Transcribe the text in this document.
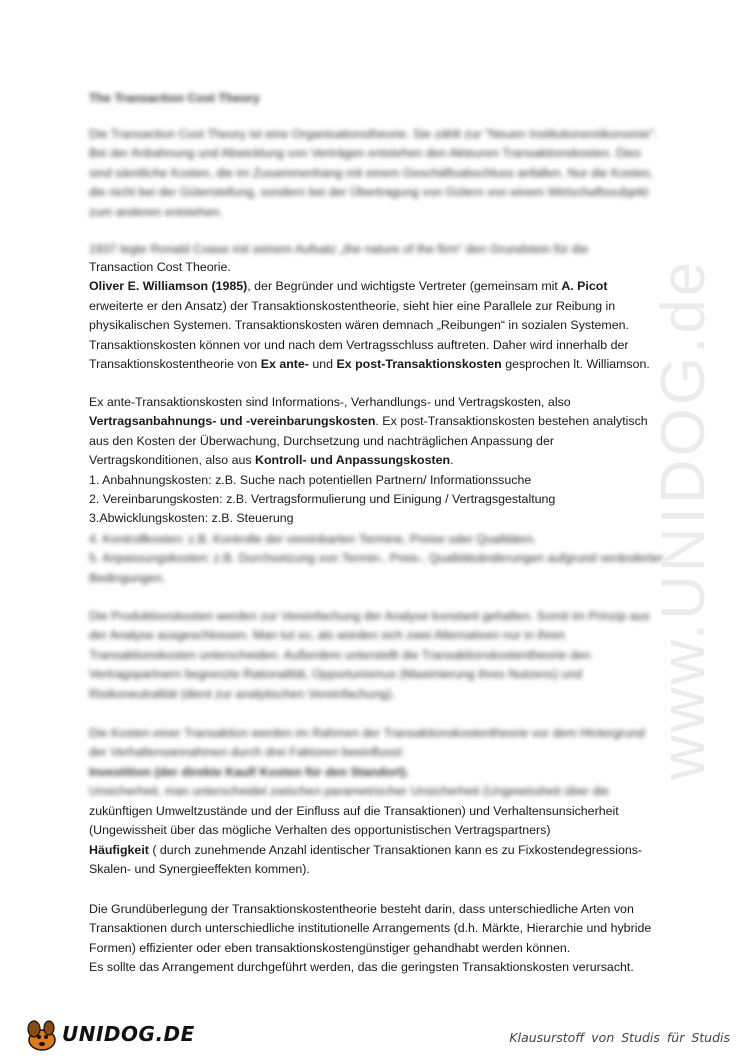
The Transaction Cost Theory
Die Transaction Cost Theory ist eine Organisationstheorie. Sie zählt zur "Neuen Institutionenökonomie".
Bei der Anbahnung und Abwicklung von Verträgen entstehen den Akteuren Transaktionskosten. Dies sind sämtliche Kosten, die im Zusammenhang mit einem Geschäftsabschluss anfallen. Nur die Kosten, die nicht bei der Güterstellung, sondern bei der Übertragung von Gütern von einem Wirtschaftssubjekt zum anderen entstehen.
1937 legte Ronald Coase mit seinem Aufsatz „the nature of the firm“ den Grundstein für die
Transaction Cost Theorie.
Oliver E. Williamson (1985), der Begründer und wichtigste Vertreter (gemeinsam mit A. Picot erweiterte er den Ansatz) der Transaktionskostentheorie, sieht hier eine Parallele zur Reibung in physikalischen Systemen. Transaktionskosten wären demnach „Reibungen“ in sozialen Systemen. Transaktionskosten können vor und nach dem Vertragsschluss auftreten. Daher wird innerhalb der Transaktionskostentheorie von Ex ante- und Ex post-Transaktionskosten gesprochen lt. Williamson.
Ex ante-Transaktionskosten sind Informations-, Verhandlungs- und Vertragskosten, also Vertragsanbahnungs- und -vereinbarungskosten. Ex post-Transaktionskosten bestehen analytisch aus den Kosten der Überwachung, Durchsetzung und nachträglichen Anpassung der Vertragskonditionen, also aus Kontroll- und Anpassungskosten.
1. Anbahnungskosten: z.B. Suche nach potentiellen Partnern/ Informationssuche
2. Vereinbarungskosten: z.B. Vertragsformulierung und Einigung / Vertragsgestaltung
3.Abwicklungskosten: z.B. Steuerung
4. Kontrollkosten: z.B. Kontrolle der vereinbarten Termine, Preise oder Qualitäten.
5. Anpassungskosten: z.B. Durchsetzung von Termin-, Preis-, Qualitätsänderungen aufgrund veränderter Bedingungen.
Die Produktionskosten werden zur Vereinfachung der Analyse konstant gehalten. Somit im Prinzip aus der Analyse ausgeschlossen. Man tut so, als würden sich zwei Alternativen nur in ihren Transaktionskosten unterscheiden. Außerdem unterstellt die Transaktionskostentheorie den Vertragspartnern begrenzte Rationalität, Opportunismus (Maximierung ihres Nutzens) und Risikoneutralität (dient zur analytischen Vereinfachung).
Die Kosten einer Transaktion werden im Rahmen der Transaktionskostentheorie vor dem Hintergrund der Verhaltensannahmen durch drei Faktoren beeinflusst:
Investition (der direkte Kauf/ Kosten für den Standort).
Unsicherheit, man unterscheidet zwischen parametrischer Unsicherheit (Ungewissheit über die
zukünftigen Umweltzustände und der Einfluss auf die Transaktionen) und Verhaltensunsicherheit
(Ungewissheit über das mögliche Verhalten des opportunistischen Vertragspartners)
Häufigkeit ( durch zunehmende Anzahl identischer Transaktionen kann es zu Fixkostendegressions-Skalen- und Synergieeffekten kommen).
Die Grundüberlegung der Transaktionskostentheorie besteht darin, dass unterschiedliche Arten von Transaktionen durch unterschiedliche institutionelle Arrangements (d.h. Märkte, Hierarchie und hybride Formen) effizienter oder eben transaktionskostengünstiger gehandhabt werden können.
Es sollte das Arrangement durchgeführt werden, das die geringsten Transaktionskosten verursacht.
www.UNIDOG.de
UNIDOG.DE	Klausurstoff von Studis für Studis
